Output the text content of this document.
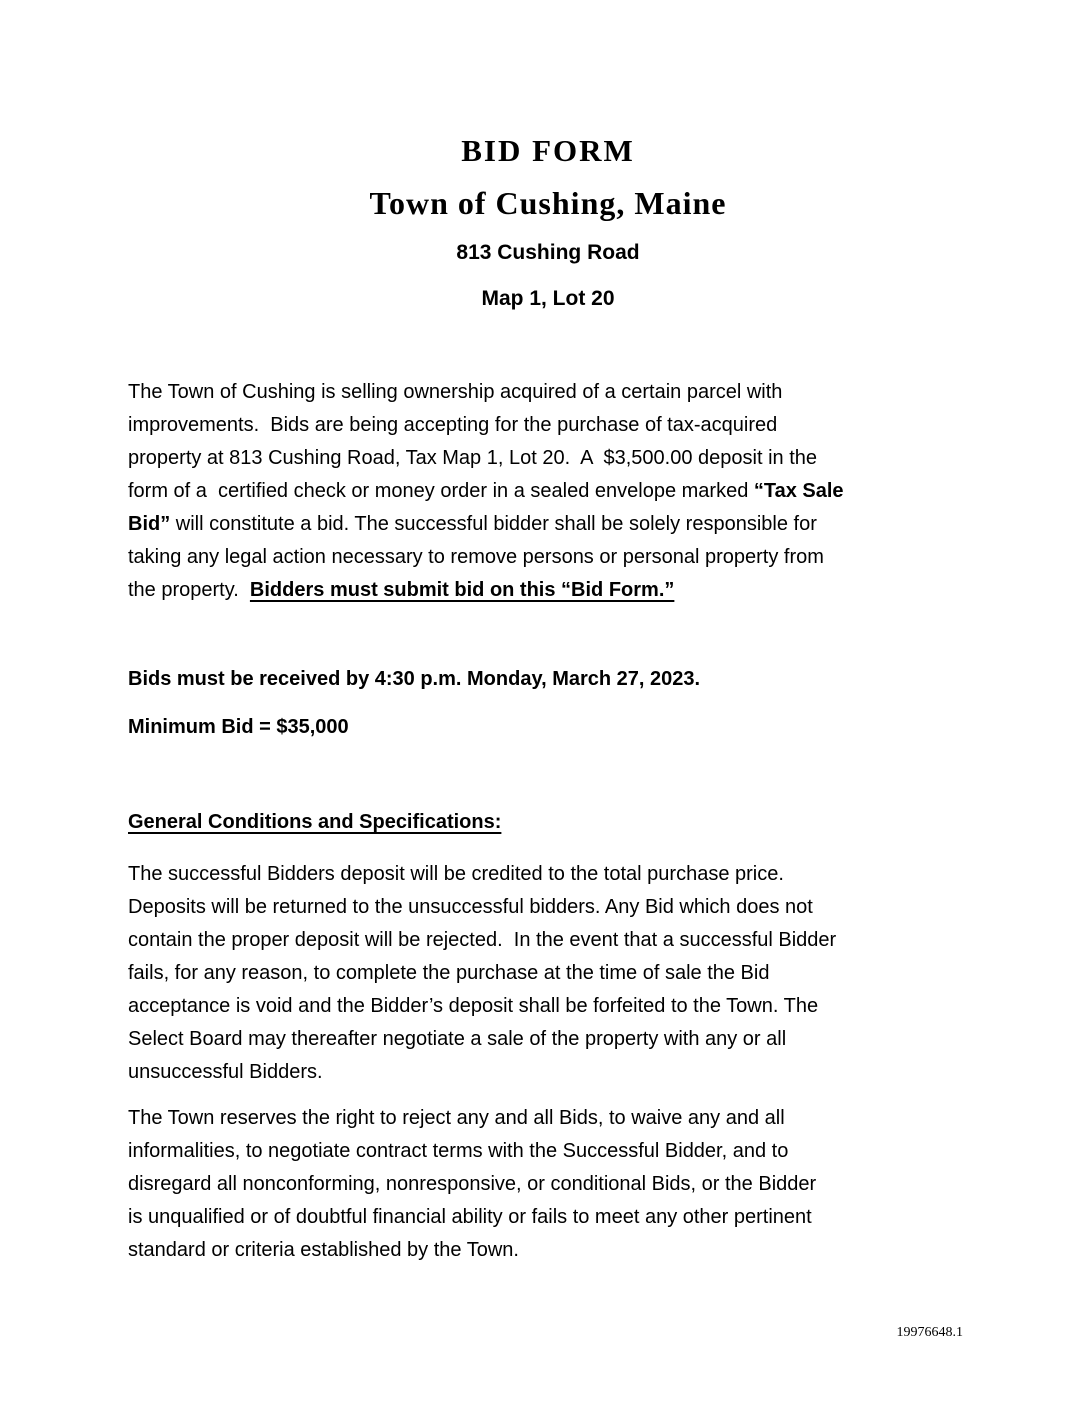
BID FORM
Town of Cushing, Maine
813 Cushing Road
Map 1, Lot 20
The Town of Cushing is selling ownership acquired of a certain parcel with
improvements.  Bids are being accepting for the purchase of tax-acquired
property at 813 Cushing Road, Tax Map 1, Lot 20.  A  $3,500.00 deposit in the
form of a  certified check or money order in a sealed envelope marked “Tax Sale
Bid” will constitute a bid. The successful bidder shall be solely responsible for
taking any legal action necessary to remove persons or personal property from
the property.  Bidders must submit bid on this “Bid Form.”
Bids must be received by 4:30 p.m. Monday, March 27, 2023.
Minimum Bid = $35,000
General Conditions and Specifications:
The successful Bidders deposit will be credited to the total purchase price.
Deposits will be returned to the unsuccessful bidders. Any Bid which does not
contain the proper deposit will be rejected.  In the event that a successful Bidder
fails, for any reason, to complete the purchase at the time of sale the Bid
acceptance is void and the Bidder’s deposit shall be forfeited to the Town. The
Select Board may thereafter negotiate a sale of the property with any or all
unsuccessful Bidders.
The Town reserves the right to reject any and all Bids, to waive any and all
informalities, to negotiate contract terms with the Successful Bidder, and to
disregard all nonconforming, nonresponsive, or conditional Bids, or the Bidder
is unqualified or of doubtful financial ability or fails to meet any other pertinent
standard or criteria established by the Town.
19976648.1
